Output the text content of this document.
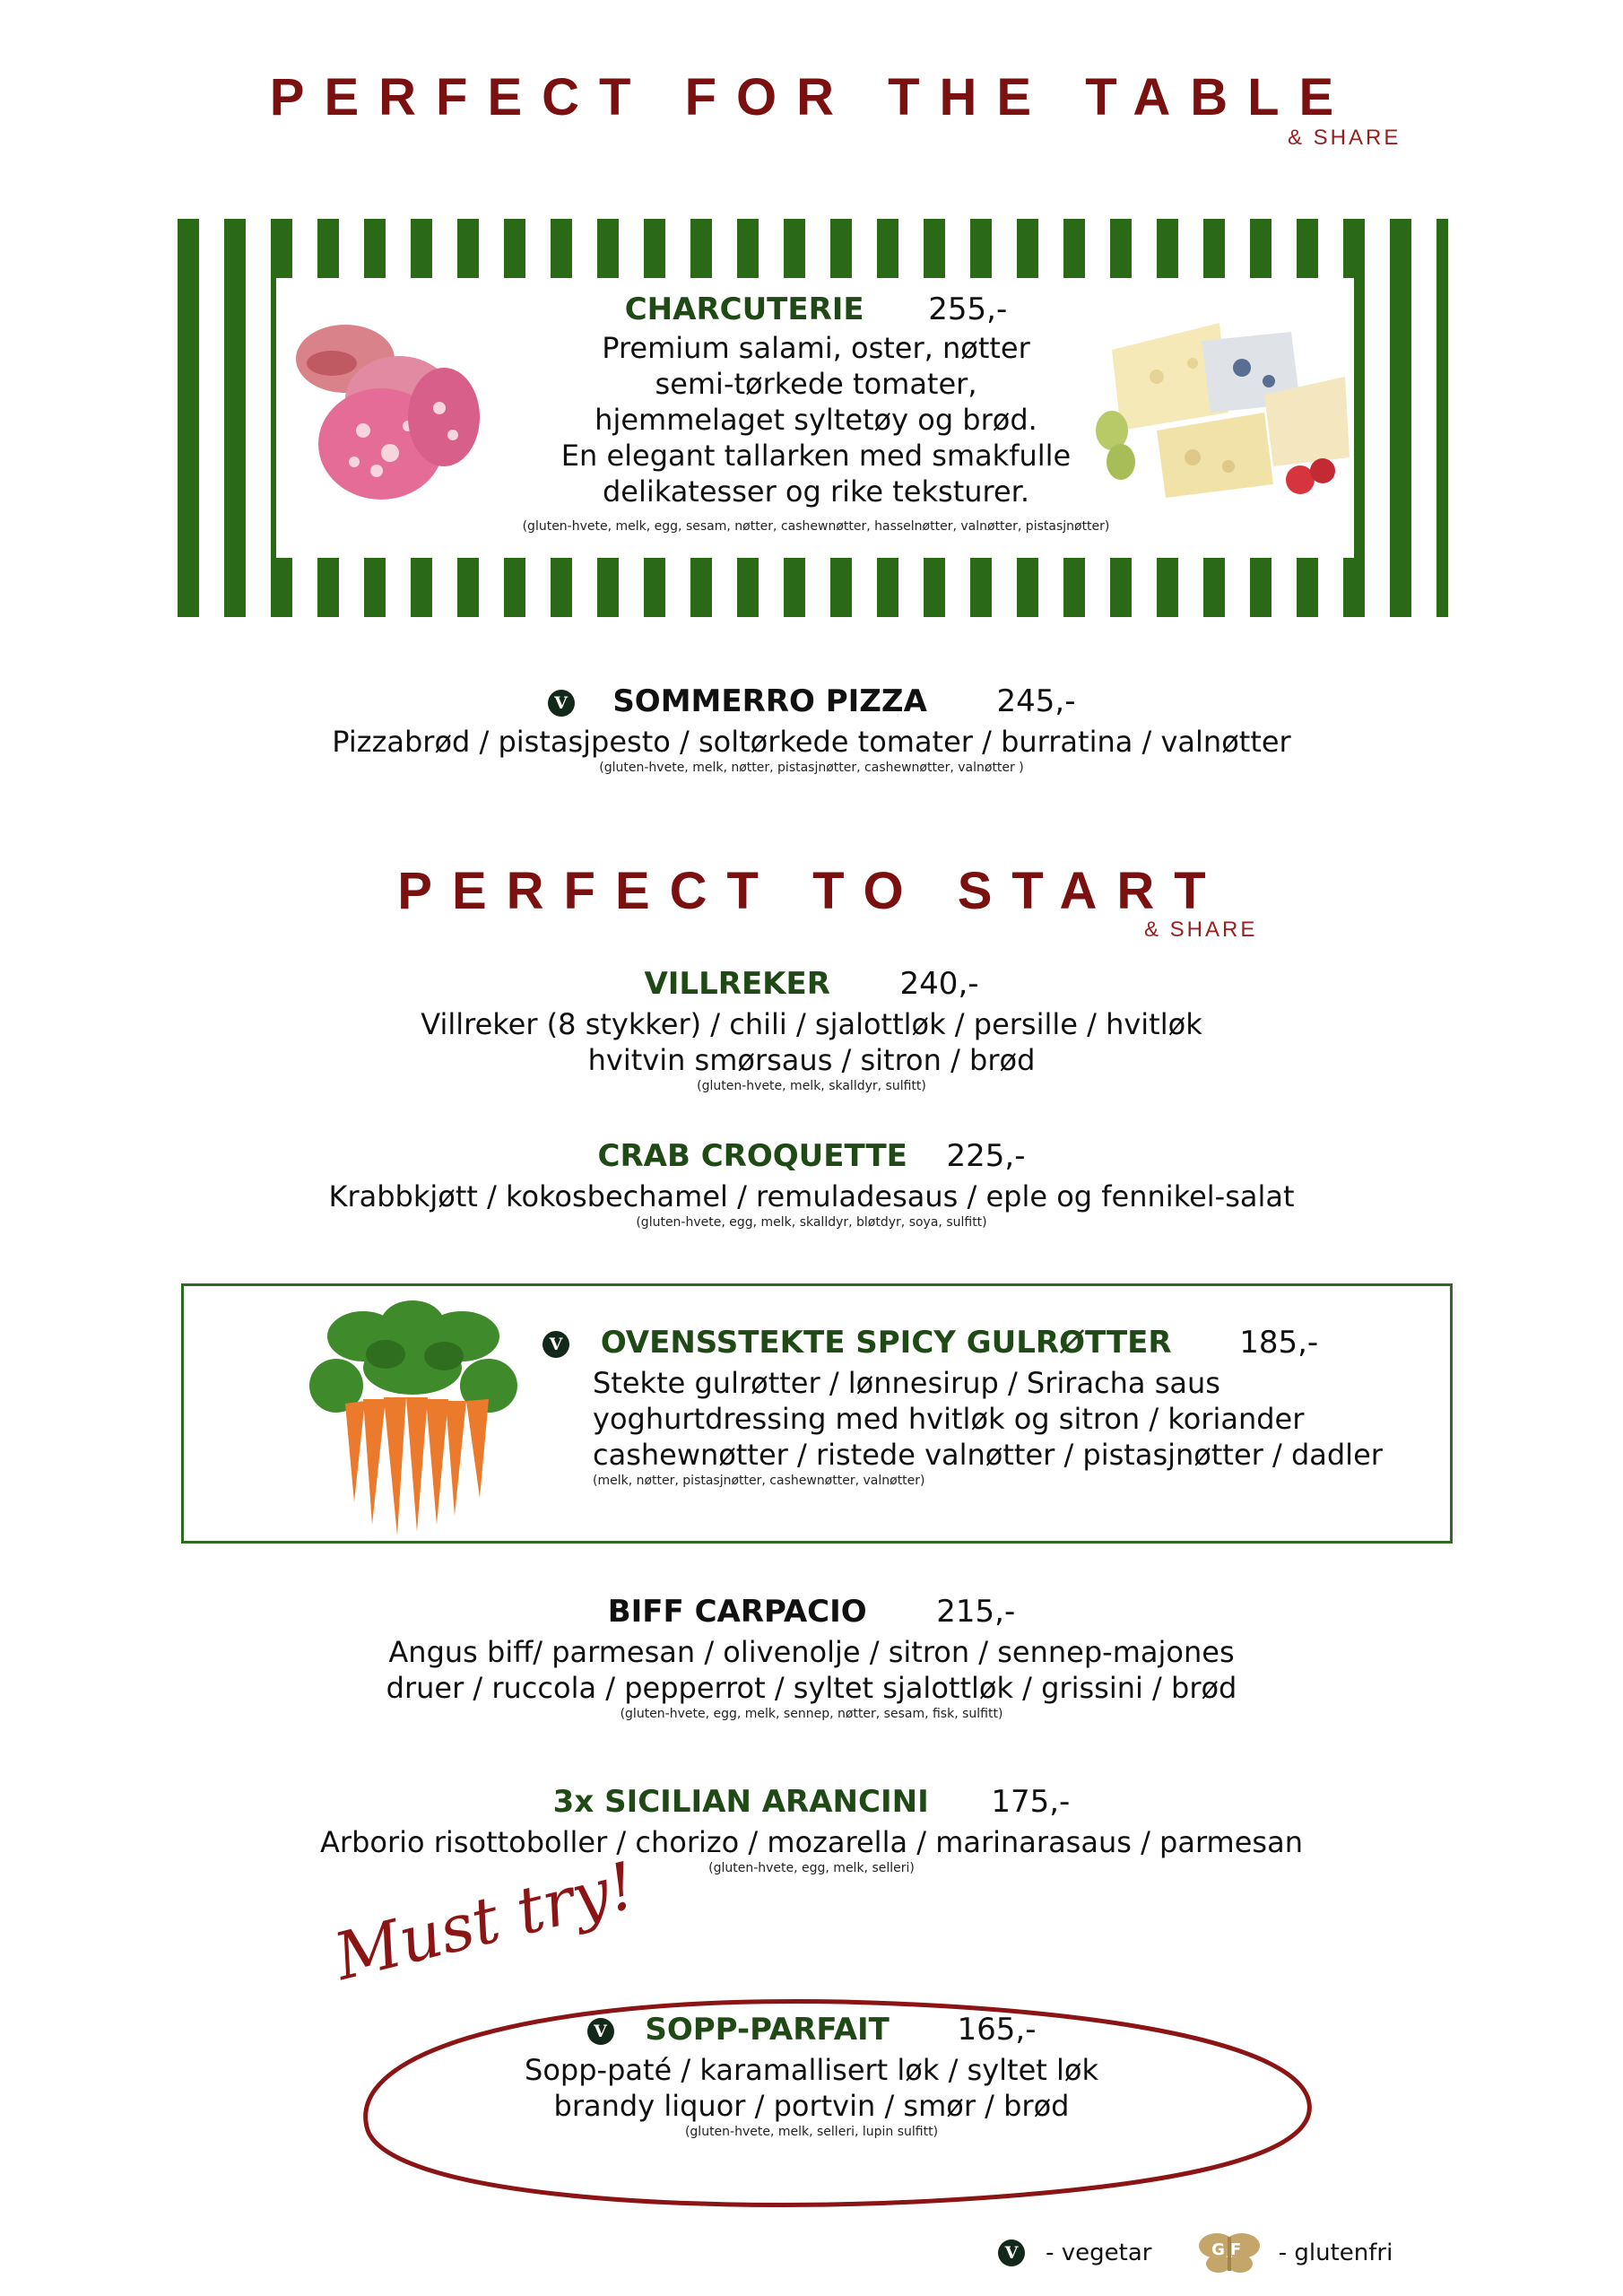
PERFECT FOR THE TABLE
& SHARE
CHARCUTERIE 255,-
Premium salami, oster, nøtter
semi-tørkede tomater,
hjemmelaget syltetøy og brød.
En elegant tallarken med smakfulle
delikatesser og rike teksturer.
(gluten-hvete, melk, egg, sesam, nøtter, cashewnøtter, hasselnøtter, valnøtter, pistasjnøtter)
V SOMMERRO PIZZA 245,-
Pizzabrød / pistasjpesto / soltørkede tomater / burratina / valnøtter
(gluten-hvete, melk, nøtter, pistasjnøtter, cashewnøtter, valnøtter )
PERFECT TO START
& SHARE
VILLREKER 240,-
Villreker (8 stykker) / chili / sjalottløk / persille / hvitløk
hvitvin smørsaus / sitron / brød
(gluten-hvete, melk, skalldyr, sulfitt)
CRAB CROQUETTE 225,-
Krabbkjøtt / kokosbechamel / remuladesaus / eple og fennikel-salat
(gluten-hvete, egg, melk, skalldyr, bløtdyr, soya, sulfitt)
V OVENSSTEKTE SPICY GULRØTTER 185,-
Stekte gulrøtter / lønnesirup / Sriracha saus
yoghurtdressing med hvitløk og sitron / koriander
cashewnøtter / ristede valnøtter / pistasjnøtter / dadler
(melk, nøtter, pistasjnøtter, cashewnøtter, valnøtter)
BIFF CARPACIO 215,-
Angus biff/ parmesan / olivenolje / sitron / sennep-majones
druer / ruccola / pepperrot / syltet sjalottløk / grissini / brød
(gluten-hvete, egg, melk, sennep, nøtter, sesam, fisk, sulfitt)
3x SICILIAN ARANCINI 175,-
Arborio risottoboller / chorizo / mozarella / marinarasaus / parmesan
(gluten-hvete, egg, melk, selleri)
Must try!
V SOPP-PARFAIT 165,-
Sopp-paté / karamallisert løk / syltet løk
brandy liquor / portvin / smør / brød
(gluten-hvete, melk, selleri, lupin sulfitt)
V - vegetar	GF	- glutenfri
